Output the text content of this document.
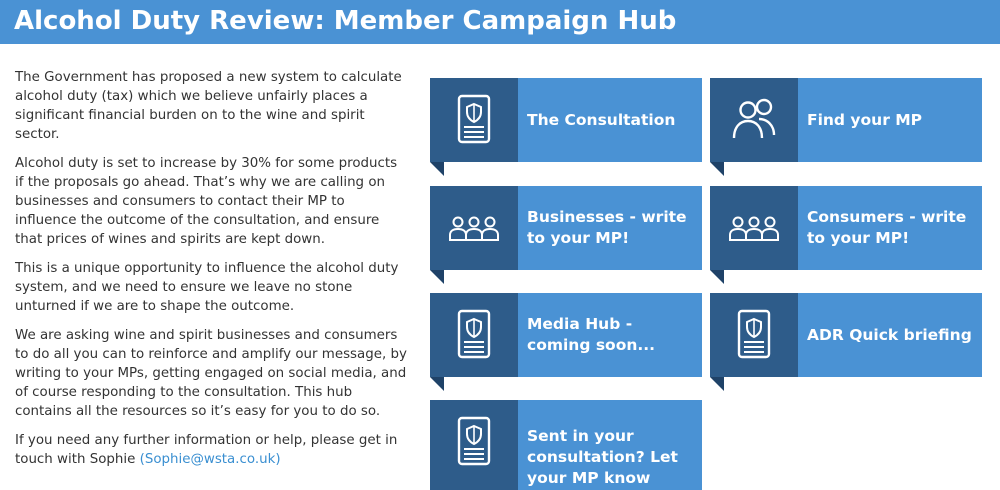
Alcohol Duty Review: Member Campaign Hub

The Government has proposed a new system to calculate alcohol duty (tax) which we believe unfairly places a significant financial burden on to the wine and spirit sector.

Alcohol duty is set to increase by 30% for some products if the proposals go ahead. That’s why we are calling on businesses and consumers to contact their MP to influence the outcome of the consultation, and ensure that prices of wines and spirits are kept down.

This is a unique opportunity to influence the alcohol duty system, and we need to ensure we leave no stone unturned if we are to shape the outcome.

We are asking wine and spirit businesses and consumers to do all you can to reinforce and amplify our message, by writing to your MPs, getting engaged on social media, and of course responding to the consultation. This hub contains all the resources so it’s easy for you to do so.

If you need any further information or help, please get in touch with Sophie (Sophie@wsta.co.uk)

The Consultation	Find your MP
Businesses - write to your MP!
Consumers - write to your MP!
Media Hub - coming soon...
ADR Quick briefing
Sent in your consultation? Let your MP know
